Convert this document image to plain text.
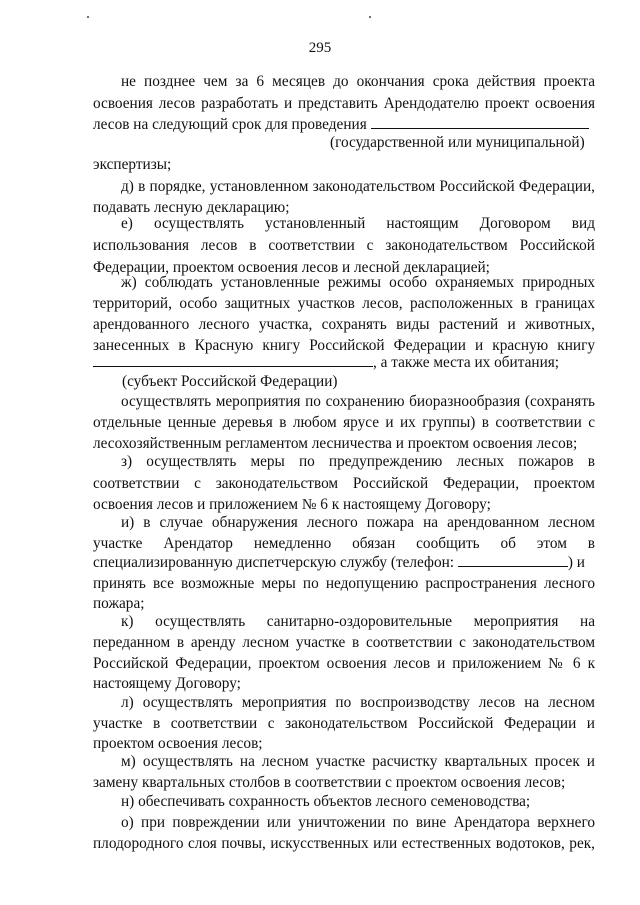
295
не позднее чем за 6 месяцев до окончания срока действия проекта
освоения лесов разработать и представить Арендодателю проект освоения
лесов на следующий срок для проведения
(государственной или муниципальной)
экспертизы;
д) в порядке, установленном законодательством Российской Федерации,
подавать лесную декларацию;
е) осуществлять установленный настоящим Договором вид
использования лесов в соответствии с законодательством Российской
Федерации, проектом освоения лесов и лесной декларацией;
ж) соблюдать установленные режимы особо охраняемых природных
территорий, особо защитных участков лесов, расположенных в границах
арендованного лесного участка, сохранять виды растений и животных,
занесенных в Красную книгу Российской Федерации и красную книгу
, а также места их обитания;
(субъект Российской Федерации)
осуществлять мероприятия по сохранению биоразнообразия (сохранять
отдельные ценные деревья в любом ярусе и их группы) в соответствии с
лесохозяйственным регламентом лесничества и проектом освоения лесов;
з) осуществлять меры по предупреждению лесных пожаров в
соответствии с законодательством Российской Федерации, проектом
освоения лесов и приложением № 6 к настоящему Договору;
и) в случае обнаружения лесного пожара на арендованном лесном
участке Арендатор немедленно обязан сообщить об этом в
специализированную диспетчерскую службу (телефон:	) и
принять все возможные меры по недопущению распространения лесного
пожара;
к) осуществлять санитарно-оздоровительные мероприятия на
переданном в аренду лесном участке в соответствии с законодательством
Российской Федерации, проектом освоения лесов и приложением № 6 к
настоящему Договору;
л) осуществлять мероприятия по воспроизводству лесов на лесном
участке в соответствии с законодательством Российской Федерации и
проектом освоения лесов;
м) осуществлять на лесном участке расчистку квартальных просек и
замену квартальных столбов в соответствии с проектом освоения лесов;
н) обеспечивать сохранность объектов лесного семеноводства;
о) при повреждении или уничтожении по вине Арендатора верхнего
плодородного слоя почвы, искусственных или естественных водотоков, рек,
